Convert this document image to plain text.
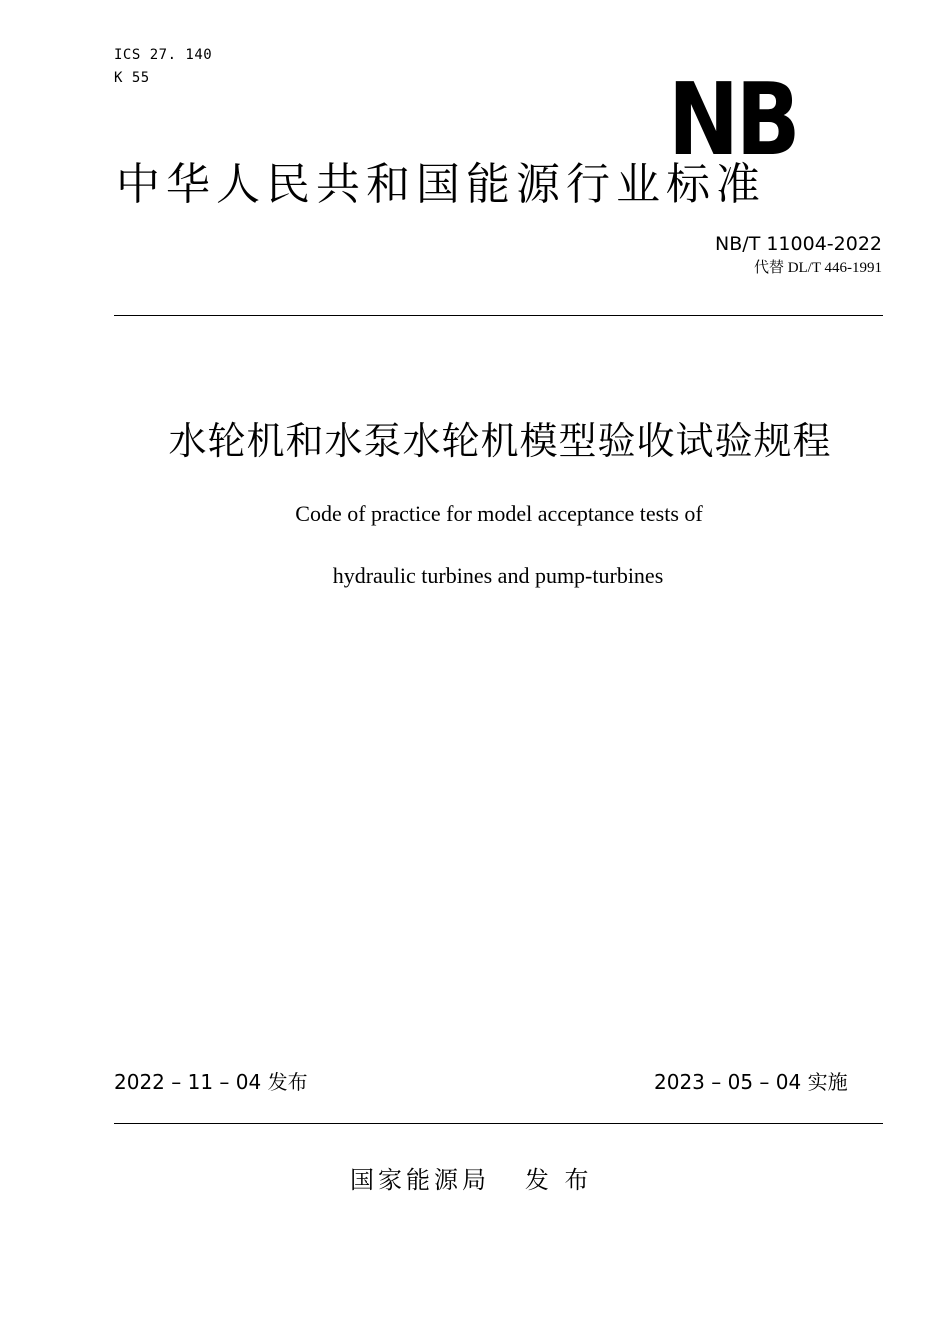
ICS 27. 140
K 55	NB
中华人民共和国能源行业标准
NB/T 11004-2022
代替 DL/T 446-1991
水轮机和水泵水轮机模型验收试验规程
Code of practice for model acceptance tests of
hydraulic turbines and pump-turbines
2022 – 11 – 04 发布	2023 – 05 – 04 实施
国家能源局   发 布
